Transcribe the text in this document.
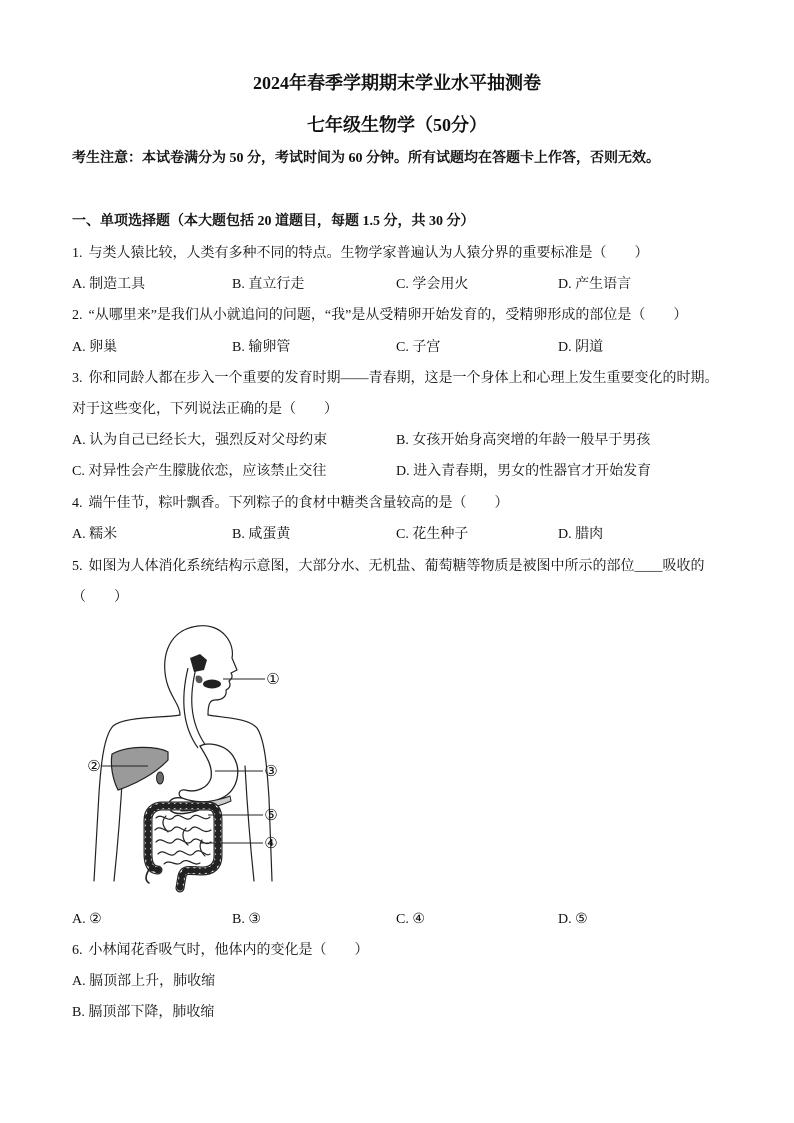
2024年春季学期期末学业水平抽测卷
七年级生物学（50分）
考生注意：本试卷满分为 50 分，考试时间为 60 分钟。所有试题均在答题卡上作答，否则无效。
一、单项选择题（本大题包括 20 道题目，每题 1.5 分，共 30 分）
1. 与类人猿比较，人类有多种不同的特点。生物学家普遍认为人猿分界的重要标准是（　　）
A. 制造工具	B. 直立行走	C. 学会用火	D. 产生语言
2. “从哪里来”是我们从小就追问的问题，“我”是从受精卵开始发育的，受精卵形成的部位是（　　）
A. 卵巢	B. 输卵管	C. 子宫	D. 阴道
3. 你和同龄人都在步入一个重要的发育时期——青春期，这是一个身体上和心理上发生重要变化的时期。对于这些变化，下列说法正确的是（　　）
A. 认为自己已经长大，强烈反对父母约束	B. 女孩开始身高突增的年龄一般早于男孩
C. 对异性会产生朦胧依恋，应该禁止交往	D. 进入青春期，男女的性器官才开始发育
4. 端午佳节，粽叶飘香。下列粽子的食材中糖类含量较高的是（　　）
A. 糯米	B. 咸蛋黄	C. 花生种子	D. 腊肉
5. 如图为人体消化系统结构示意图，大部分水、无机盐、葡萄糖等物质是被图中所示的部位____吸收的（　　）
①
②	③
④
⑤
A. ②	B. ③	C. ④	D. ⑤
6. 小林闻花香吸气时，他体内的变化是（　　）
A. 膈顶部上升，肺收缩
B. 膈顶部下降，肺收缩
